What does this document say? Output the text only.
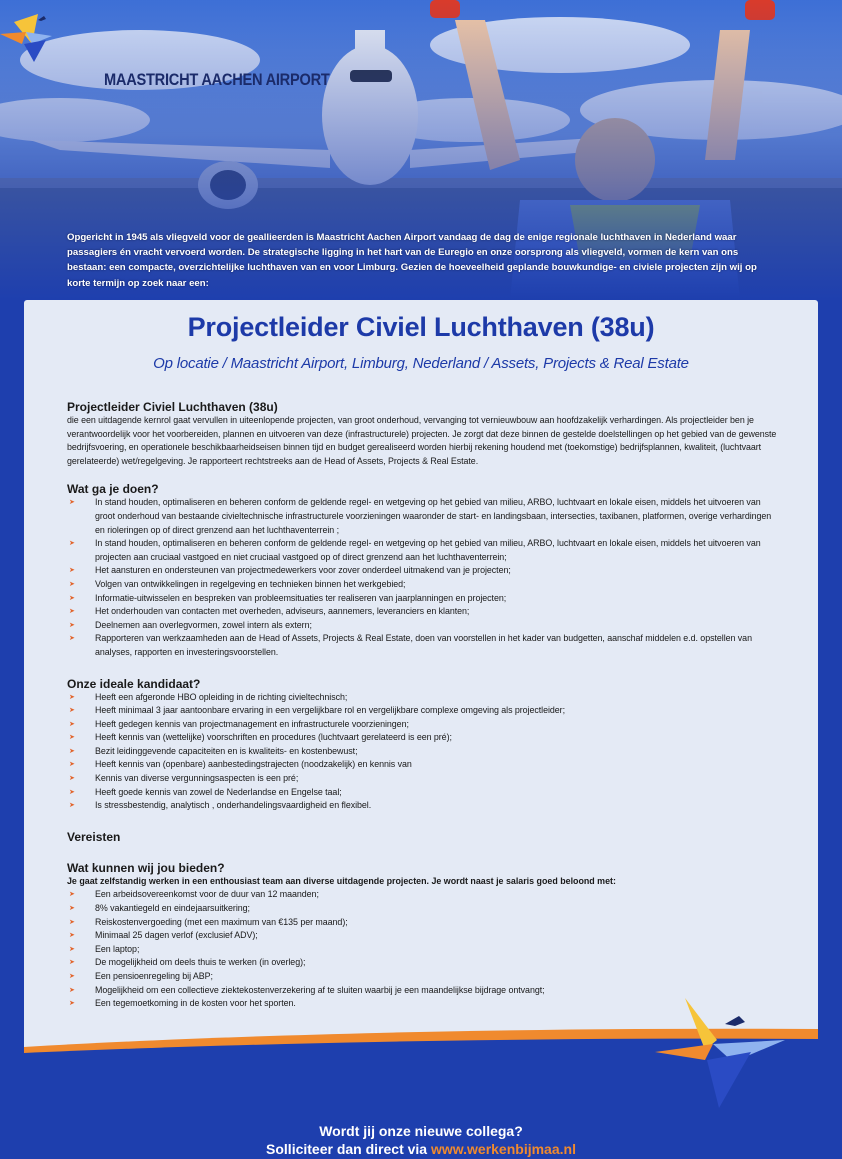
MAASTRICHT AACHEN AIRPORT
Opgericht in 1945 als vliegveld voor de geallieerden is Maastricht Aachen Airport vandaag de dag de enige regionale luchthaven in Nederland waar passagiers én vracht vervoerd worden. De strategische ligging in het hart van de Euregio en onze oorsprong als vliegveld, vormen de kern van ons bestaan: een compacte, overzichtelijke luchthaven van en voor Limburg. Gezien de hoeveelheid geplande bouwkundige- en civiele projecten zijn wij op korte termijn op zoek naar een:
Projectleider Civiel Luchthaven (38u)
Op locatie / Maastricht Airport, Limburg, Nederland / Assets, Projects & Real Estate

Projectleider Civiel Luchthaven (38u)

die een uitdagende kernrol gaat vervullen in uiteenlopende projecten, van groot onderhoud, vervanging tot vernieuwbouw aan hoofdzakelijk verhardingen. Als projectleider ben je verantwoordelijk voor het voorbereiden, plannen en uitvoeren van deze (infrastructurele) projecten. Je zorgt dat deze binnen de gestelde doelstellingen op het gebied van de gewenste bedrijfsvoering, en operationele beschikbaarheidseisen binnen tijd en budget gerealiseerd worden hierbij rekening houdend met (toekomstige) bedrijfsplannen, kwaliteit, (luchtvaart gerelateerde) wet/regelgeving. Je rapporteert rechtstreeks aan de Head of Assets, Projects & Real Estate.

Wat ga je doen?

➤ In stand houden, optimaliseren en beheren conform de geldende regel- en wetgeving op het gebied van milieu, ARBO, luchtvaart en lokale eisen, middels het uitvoeren van groot onderhoud van bestaande civieltechnische infrastructurele voorzieningen waaronder de start- en landingsbaan, intersecties, taxibanen, platformen, overige verhardingen en rioleringen op of direct grenzend aan het luchthaventerrein ;
➤ In stand houden, optimaliseren en beheren conform de geldende regel- en wetgeving op het gebied van milieu, ARBO, luchtvaart en lokale eisen, middels het uitvoeren van projecten aan cruciaal vastgoed en niet cruciaal vastgoed op of direct grenzend aan het luchthaventerrein;
➤ Het aansturen en ondersteunen van projectmedewerkers voor zover onderdeel uitmakend van je projecten;
➤ Volgen van ontwikkelingen in regelgeving en technieken binnen het werkgebied;
➤ Informatie-uitwisselen en bespreken van probleemsituaties ter realiseren van jaarplanningen en projecten;
➤ Het onderhouden van contacten met overheden, adviseurs, aannemers, leveranciers en klanten;
➤ Deelnemen aan overlegvormen, zowel intern als extern;
➤ Rapporteren van werkzaamheden aan de Head of Assets, Projects & Real Estate, doen van voorstellen in het kader van budgetten, aanschaf middelen e.d. opstellen van analyses, rapporten en investeringsvoorstellen.

Onze ideale kandidaat?

➤ Heeft een afgeronde HBO opleiding in de richting civieltechnisch;
➤ Heeft minimaal 3 jaar aantoonbare ervaring in een vergelijkbare rol en vergelijkbare complexe omgeving als projectleider;
➤ Heeft gedegen kennis van projectmanagement en infrastructurele voorzieningen;
➤ Heeft kennis van (wettelijke) voorschriften en procedures (luchtvaart gerelateerd is een pré);
➤ Bezit leidinggevende capaciteiten en is kwaliteits- en kostenbewust;
➤ Heeft kennis van (openbare) aanbestedingstrajecten (noodzakelijk) en kennis van
➤ Kennis van diverse vergunningsaspecten is een pré;
➤ Heeft goede kennis van zowel de Nederlandse en Engelse taal;
➤ Is stressbestendig, analytisch , onderhandelingsvaardigheid en flexibel.

Vereisten

Wat kunnen wij jou bieden?

Je gaat zelfstandig werken in een enthousiast team aan diverse uitdagende projecten. Je wordt naast je salaris goed beloond met:

➤ Een arbeidsovereenkomst voor de duur van 12 maanden;
➤ 8% vakantiegeld en eindejaarsuitkering;
➤ Reiskostenvergoeding (met een maximum van €135 per maand);
➤ Minimaal 25 dagen verlof (exclusief ADV);
➤ Een laptop;
➤ De mogelijkheid om deels thuis te werken (in overleg);
➤ Een pensioenregeling bij ABP;
➤ Mogelijkheid om een collectieve ziektekostenverzekering af te sluiten waarbij je een maandelijkse bijdrage ontvangt;
➤ Een tegemoetkoming in de kosten voor het sporten.
Wordt jij onze nieuwe collega?
Solliciteer dan direct via www.werkenbijmaa.nl
